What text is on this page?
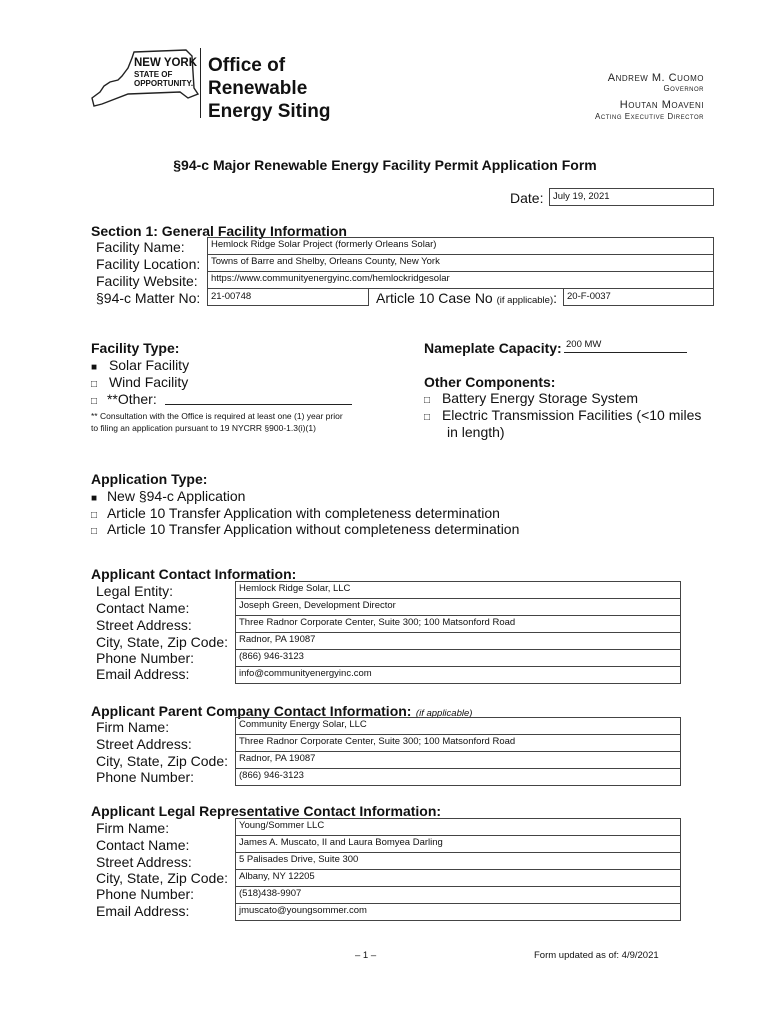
NEW YORK
STATE OF
OPPORTUNITY.
Office of
Renewable
Energy Siting
Andrew M. Cuomo
Governor
Houtan Moaveni
Acting Executive Director
§94-c Major Renewable Energy Facility Permit Application Form
Date:	July 19, 2021
Section 1: General Facility Information
Facility Name:	Hemlock Ridge Solar Project (formerly Orleans Solar)
Facility Location:	Towns of Barre and Shelby, Orleans County, New York
Facility Website:	https://www.communityenergyinc.com/hemlockridgesolar
§94-c Matter No:	21-00748	Article 10 Case No (if applicable):	20-F-0037
Facility Type:
■ Solar Facility
□ Wind Facility
□ **Other:
** Consultation with the Office is required at least one (1) year prior
to filing an application pursuant to 19 NYCRR §900-1.3(i)(1)
Nameplate Capacity: 200 MW
Other Components:
□ Battery Energy Storage System
□ Electric Transmission Facilities (<10 miles
in length)
Application Type:
■ New §94-c Application
□ Article 10 Transfer Application with completeness determination
□ Article 10 Transfer Application without completeness determination
Applicant Contact Information:
Legal Entity:	Hemlock Ridge Solar, LLC
Contact Name:	Joseph Green, Development Director
Street Address:	Three Radnor Corporate Center, Suite 300; 100 Matsonford Road
City, State, Zip Code:	Radnor, PA 19087
Phone Number:	(866) 946-3123
Email Address:	info@communityenergyinc.com
Applicant Parent Company Contact Information: (if applicable)
Firm Name:	Community Energy Solar, LLC
Street Address:	Three Radnor Corporate Center, Suite 300; 100 Matsonford Road
City, State, Zip Code:	Radnor, PA 19087
Phone Number:	(866) 946-3123
Applicant Legal Representative Contact Information:
Firm Name:	Young/Sommer LLC
Contact Name:	James A. Muscato, II and Laura Bomyea Darling
Street Address:	5 Palisades Drive, Suite 300
City, State, Zip Code:	Albany, NY 12205
Phone Number:	(518)438-9907
Email Address:	jmuscato@youngsommer.com
– 1 –	Form updated as of: 4/9/2021
